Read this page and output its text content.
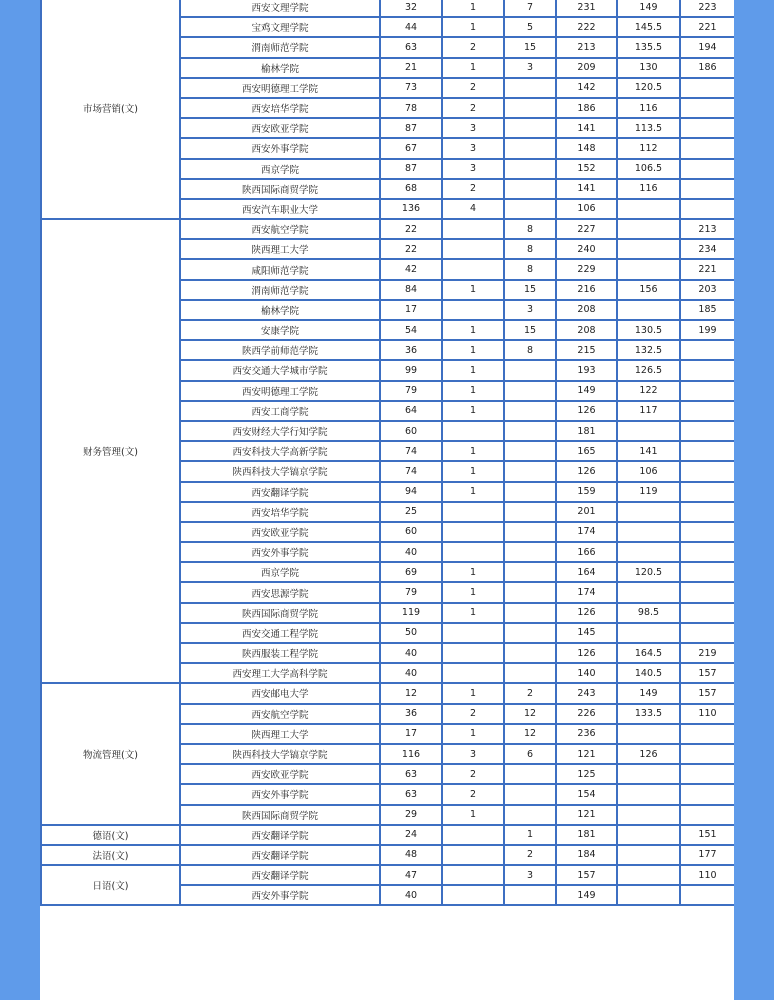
市场营销(文)	西安文理学院	32	1	7	231	149	223
	宝鸡文理学院	44	1	5	222	145.5	221
	渭南师范学院	63	2	15	213	135.5	194
	榆林学院	21	1	3	209	130	186
	西安明德理工学院	73	2		142	120.5	
	西安培华学院	78	2		186	116	
	西安欧亚学院	87	3		141	113.5	
	西安外事学院	67	3		148	112	
	西京学院	87	3		152	106.5	
	陕西国际商贸学院	68	2		141	116	
	西安汽车职业大学	136	4		106		
财务管理(文)	西安航空学院	22		8	227		213
	陕西理工大学	22		8	240		234
	咸阳师范学院	42		8	229		221
	渭南师范学院	84	1	15	216	156	203
	榆林学院	17		3	208		185
	安康学院	54	1	15	208	130.5	199
	陕西学前师范学院	36	1	8	215	132.5	
	西安交通大学城市学院	99	1		193	126.5	
	西安明德理工学院	79	1		149	122	
	西安工商学院	64	1		126	117	
	西安财经大学行知学院	60			181		
	西安科技大学高新学院	74	1		165	141	
	陕西科技大学镐京学院	74	1		126	106	
	西安翻译学院	94	1		159	119	
	西安培华学院	25			201		
	西安欧亚学院	60			174		
	西安外事学院	40			166		
	西京学院	69	1		164	120.5	
	西安思源学院	79	1		174		
	陕西国际商贸学院	119	1		126	98.5	
	西安交通工程学院	50			145		
	陕西服装工程学院	40			126	164.5	219
	西安理工大学高科学院	40			140	140.5	157
物流管理(文)	西安邮电大学	12	1	2	243	149	157
	西安航空学院	36	2	12	226	133.5	110
	陕西理工大学	17	1	12	236		
	陕西科技大学镐京学院	116	3	6	121	126	
	西安欧亚学院	63	2		125		
	西安外事学院	63	2		154		
	陕西国际商贸学院	29	1		121		
德语(文)	西安翻译学院	24		1	181		151
法语(文)	西安翻译学院	48		2	184		177
日语(文)	西安翻译学院	47		3	157		110
	西安外事学院	40			149		
